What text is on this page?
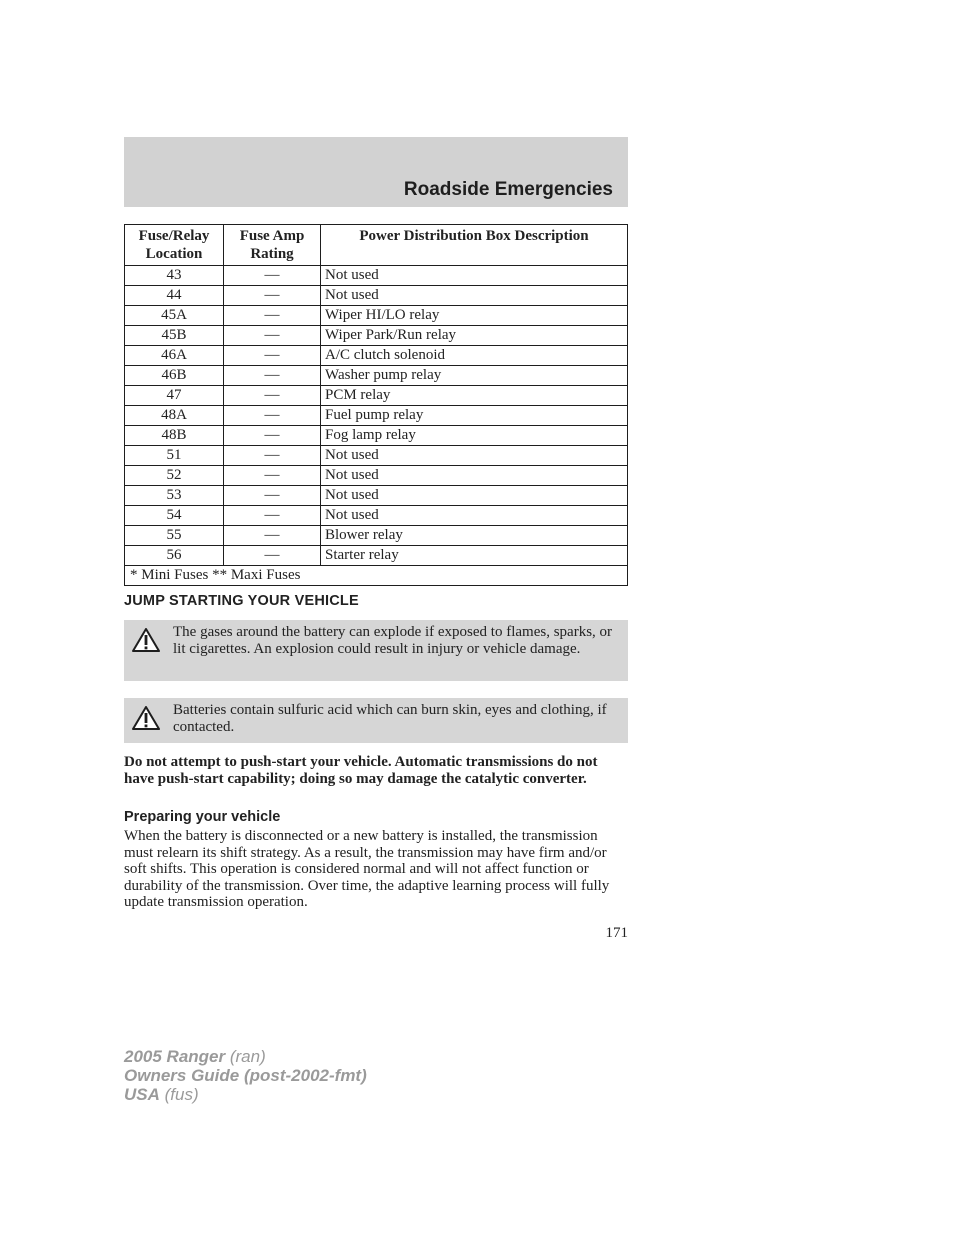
Roadside Emergencies
Fuse/Relay Location	Fuse Amp Rating	Power Distribution Box Description
43	—	Not used
44	—	Not used
45A	—	Wiper HI/LO relay
45B	—	Wiper Park/Run relay
46A	—	A/C clutch solenoid
46B	—	Washer pump relay
47	—	PCM relay
48A	—	Fuel pump relay
48B	—	Fog lamp relay
51	—	Not used
52	—	Not used
53	—	Not used
54	—	Not used
55	—	Blower relay
56	—	Starter relay
* Mini Fuses ** Maxi Fuses		
JUMP STARTING YOUR VEHICLE
The gases around the battery can explode if exposed to flames, sparks, or lit cigarettes. An explosion could result in injury or vehicle damage.
Batteries contain sulfuric acid which can burn skin, eyes and clothing, if contacted.

Do not attempt to push-start your vehicle. Automatic transmissions do not have push-start capability; doing so may damage the catalytic converter.

Preparing your vehicle

When the battery is disconnected or a new battery is installed, the transmission must relearn its shift strategy. As a result, the transmission may have firm and/or soft shifts. This operation is considered normal and will not affect function or durability of the transmission. Over time, the adaptive learning process will fully update transmission operation.

171
2005 Ranger (ran)
Owners Guide (post-2002-fmt)
USA (fus)
